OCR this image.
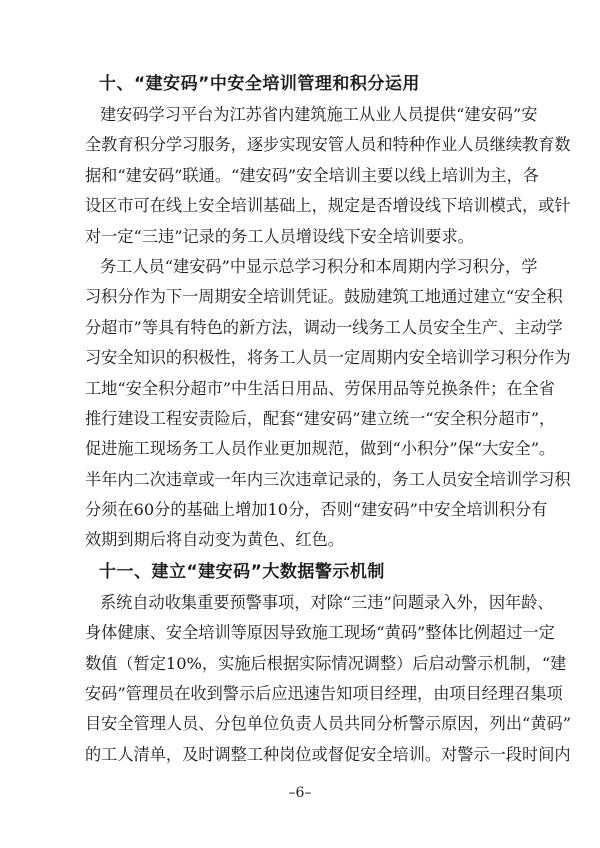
十、“建安码”中安全培训管理和积分运用

建安码学习平台为江苏省内建筑施工从业人员提供“建安码”安

全教育积分学习服务，逐步实现安管人员和特种作业人员继续教育数

据和“建安码”联通。“建安码”安全培训主要以线上培训为主，各

设区市可在线上安全培训基础上，规定是否增设线下培训模式，或针

对一定“三违”记录的务工人员增设线下安全培训要求。

务工人员“建安码”中显示总学习积分和本周期内学习积分，学

习积分作为下一周期安全培训凭证。鼓励建筑工地通过建立“安全积

分超市”等具有特色的新方法，调动一线务工人员安全生产、主动学

习安全知识的积极性，将务工人员一定周期内安全培训学习积分作为

工地“安全积分超市”中生活日用品、劳保用品等兑换条件；在全省

推行建设工程安责险后，配套“建安码”建立统一“安全积分超市”，

促进施工现场务工人员作业更加规范，做到“小积分”保“大安全”。

半年内二次违章或一年内三次违章记录的，务工人员安全培训学习积

分须在60分的基础上增加10分，否则“建安码”中安全培训积分有

效期到期后将自动变为黄色、红色。

十一、建立“建安码”大数据警示机制

系统自动收集重要预警事项，对除“三违”问题录入外，因年龄、

身体健康、安全培训等原因导致施工现场“黄码”整体比例超过一定

数值（暂定10%，实施后根据实际情况调整）后启动警示机制，“建

安码”管理员在收到警示后应迅速告知项目经理，由项目经理召集项

目安全管理人员、分包单位负责人员共同分析警示原因，列出“黄码”

的工人清单，及时调整工种岗位或督促安全培训。对警示一段时间内

–6–
